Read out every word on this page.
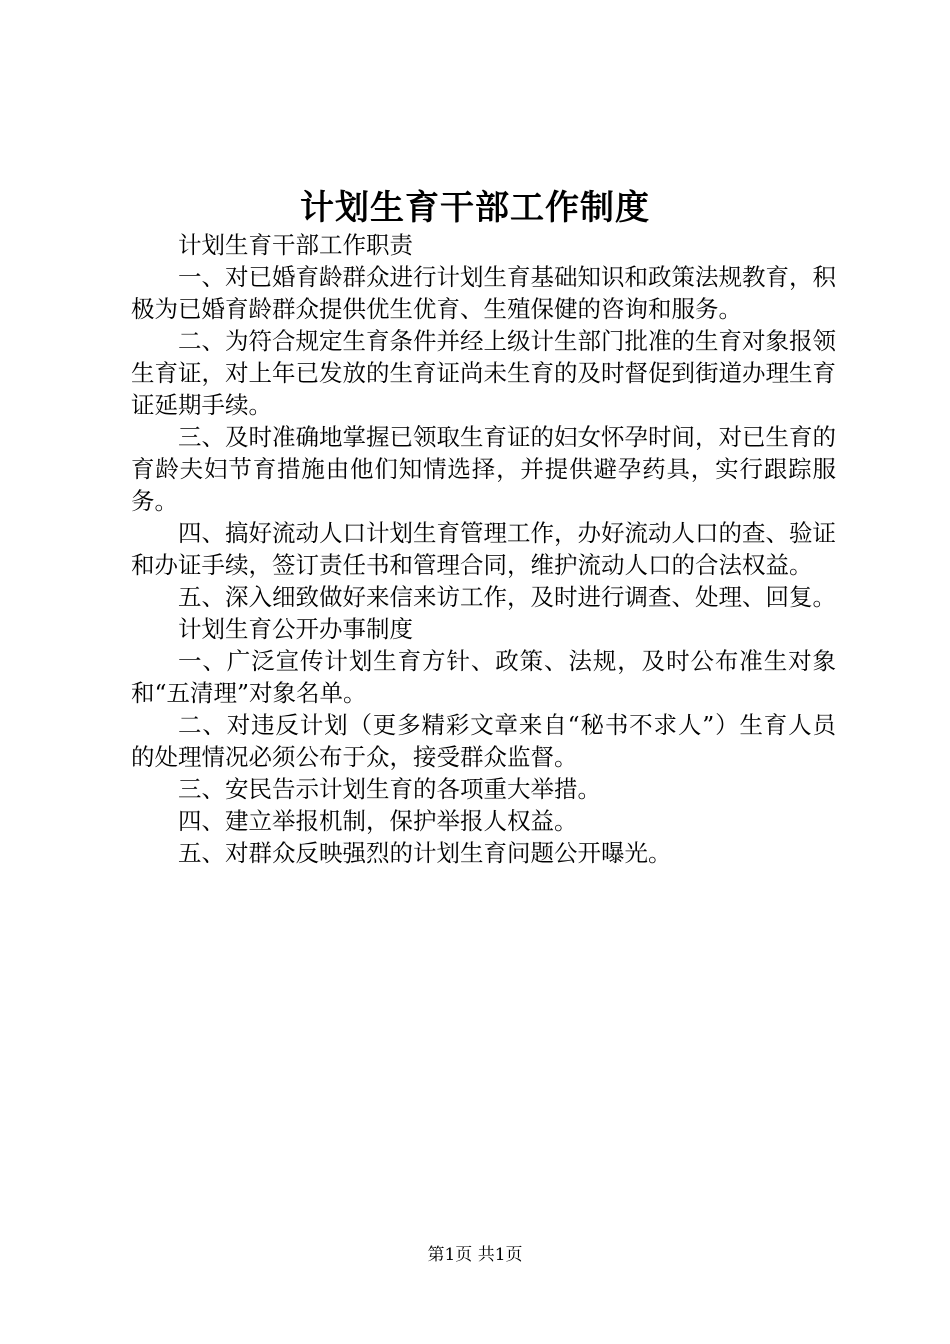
计划生育干部工作制度

计划生育干部工作职责

一、对已婚育龄群众进行计划生育基础知识和政策法规教育，积极为已婚育龄群众提供优生优育、生殖保健的咨询和服务。

二、为符合规定生育条件并经上级计生部门批准的生育对象报领生育证，对上年已发放的生育证尚未生育的及时督促到街道办理生育证延期手续。

三、及时准确地掌握已领取生育证的妇女怀孕时间，对已生育的育龄夫妇节育措施由他们知情选择，并提供避孕药具，实行跟踪服务。

四、搞好流动人口计划生育管理工作，办好流动人口的查、验证和办证手续，签订责任书和管理合同，维护流动人口的合法权益。

五、深入细致做好来信来访工作，及时进行调查、处理、回复。

计划生育公开办事制度

一、广泛宣传计划生育方针、政策、法规，及时公布准生对象和“五清理”对象名单。

二、对违反计划（更多精彩文章来自“秘书不求人”）生育人员的处理情况必须公布于众，接受群众监督。

三、安民告示计划生育的各项重大举措。

四、建立举报机制，保护举报人权益。

五、对群众反映强烈的计划生育问题公开曝光。

第1页 共1页
